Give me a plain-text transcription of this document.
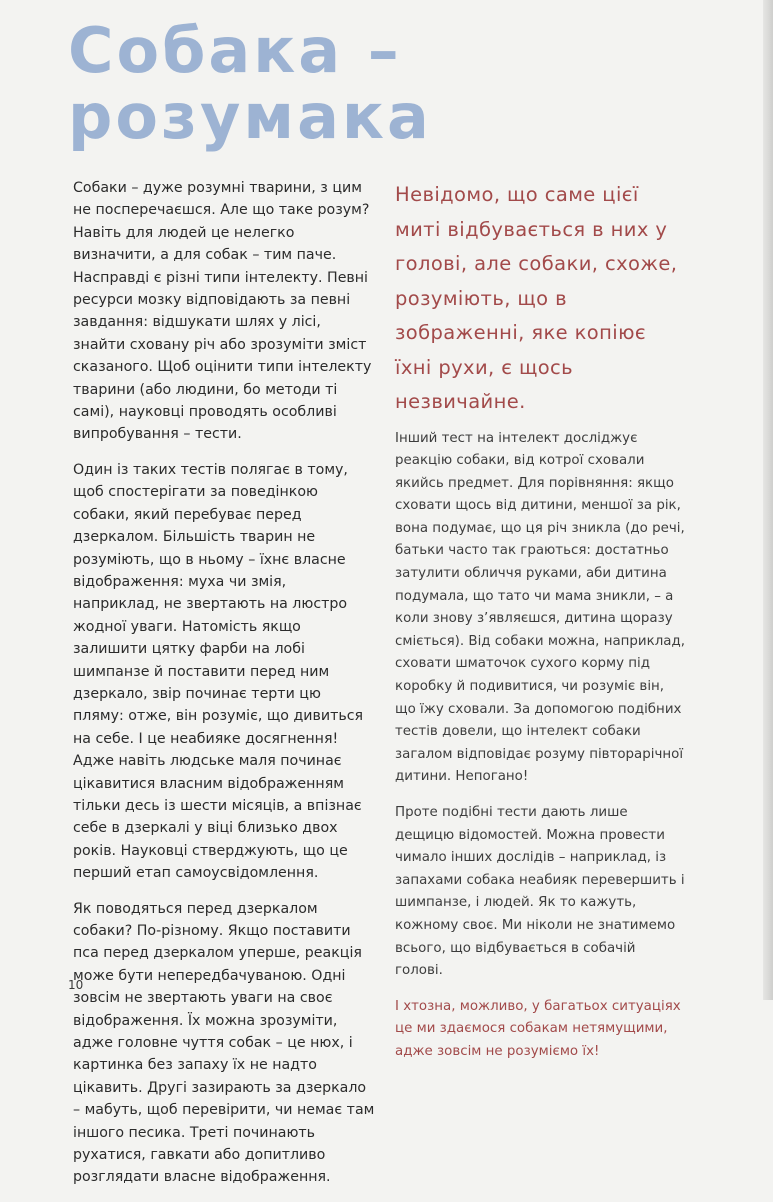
Собака –
розумака

Собаки – дуже розумні тварини, з цим не посперечаєшся. Але що таке розум? Навіть для людей це нелегко визначити, а для собак – тим паче. Насправді є різні типи інтелекту. Певні ресурси мозку відповідають за певні завдання: відшукати шлях у лісі, знайти сховану річ або зрозуміти зміст сказаного. Щоб оцінити типи інтелекту тварини (або людини, бо методи ті самі), науковці проводять особливі випробування – тести.

Один із таких тестів полягає в тому, щоб спостерігати за поведінкою собаки, який перебуває перед дзеркалом. Більшість тварин не розуміють, що в ньому – їхнє власне відображення: муха чи змія, наприклад, не звертають на люстро жодної уваги. Натомість якщо залишити цятку фарби на лобі шимпанзе й поставити перед ним дзеркало, звір починає терти цю пляму: отже, він розуміє, що дивиться на себе. І це неабияке досягнення! Адже навіть людське маля починає цікавитися власним відображенням тільки десь із шести місяців, а впізнає себе в дзеркалі у віці близько двох років. Науковці стверджують, що це перший етап самоусвідомлення.

Як поводяться перед дзеркалом собаки? По-різному. Якщо поставити пса перед дзеркалом уперше, реакція може бути непередбачуваною. Одні зовсім не звертають уваги на своє відображення. Їх можна зрозуміти, адже головне чуття собак – це нюх, і картинка без запаху їх не надто цікавить. Другі зазирають за дзеркало – мабуть, щоб перевірити, чи немає там іншого песика. Треті починають рухатися, гавкати або допитливо розглядати власне відображення.

Невідомо, що саме цієї миті відбувається в них у голові, але собаки, схоже, розуміють, що в зображенні, яке копіює їхні рухи, є щось незвичайне.

Інший тест на інтелект досліджує реакцію собаки, від котрої сховали якийсь предмет. Для порівняння: якщо сховати щось від дитини, меншої за рік, вона подумає, що ця річ зникла (до речі, батьки часто так граються: достатньо затулити обличчя руками, аби дитина подумала, що тато чи мама зникли, – а коли знову з’являєшся, дитина щоразу сміється). Від собаки можна, наприклад, сховати шматочок сухого корму під коробку й подивитися, чи розуміє він, що їжу сховали. За допомогою подібних тестів довели, що інтелект собаки загалом відповідає розуму півторарічної дитини. Непогано!

Проте подібні тести дають лише дещицю відомостей. Можна провести чимало інших дослідів – наприклад, із запахами собака неабияк перевершить і шимпанзе, і людей. Як то кажуть, кожному своє. Ми ніколи не знатимемо всього, що відбувається в собачій голові.

І хтозна, можливо, у багатьох ситуаціях це ми здаємося собакам нетямущими, адже зовсім не розуміємо їх!

10
